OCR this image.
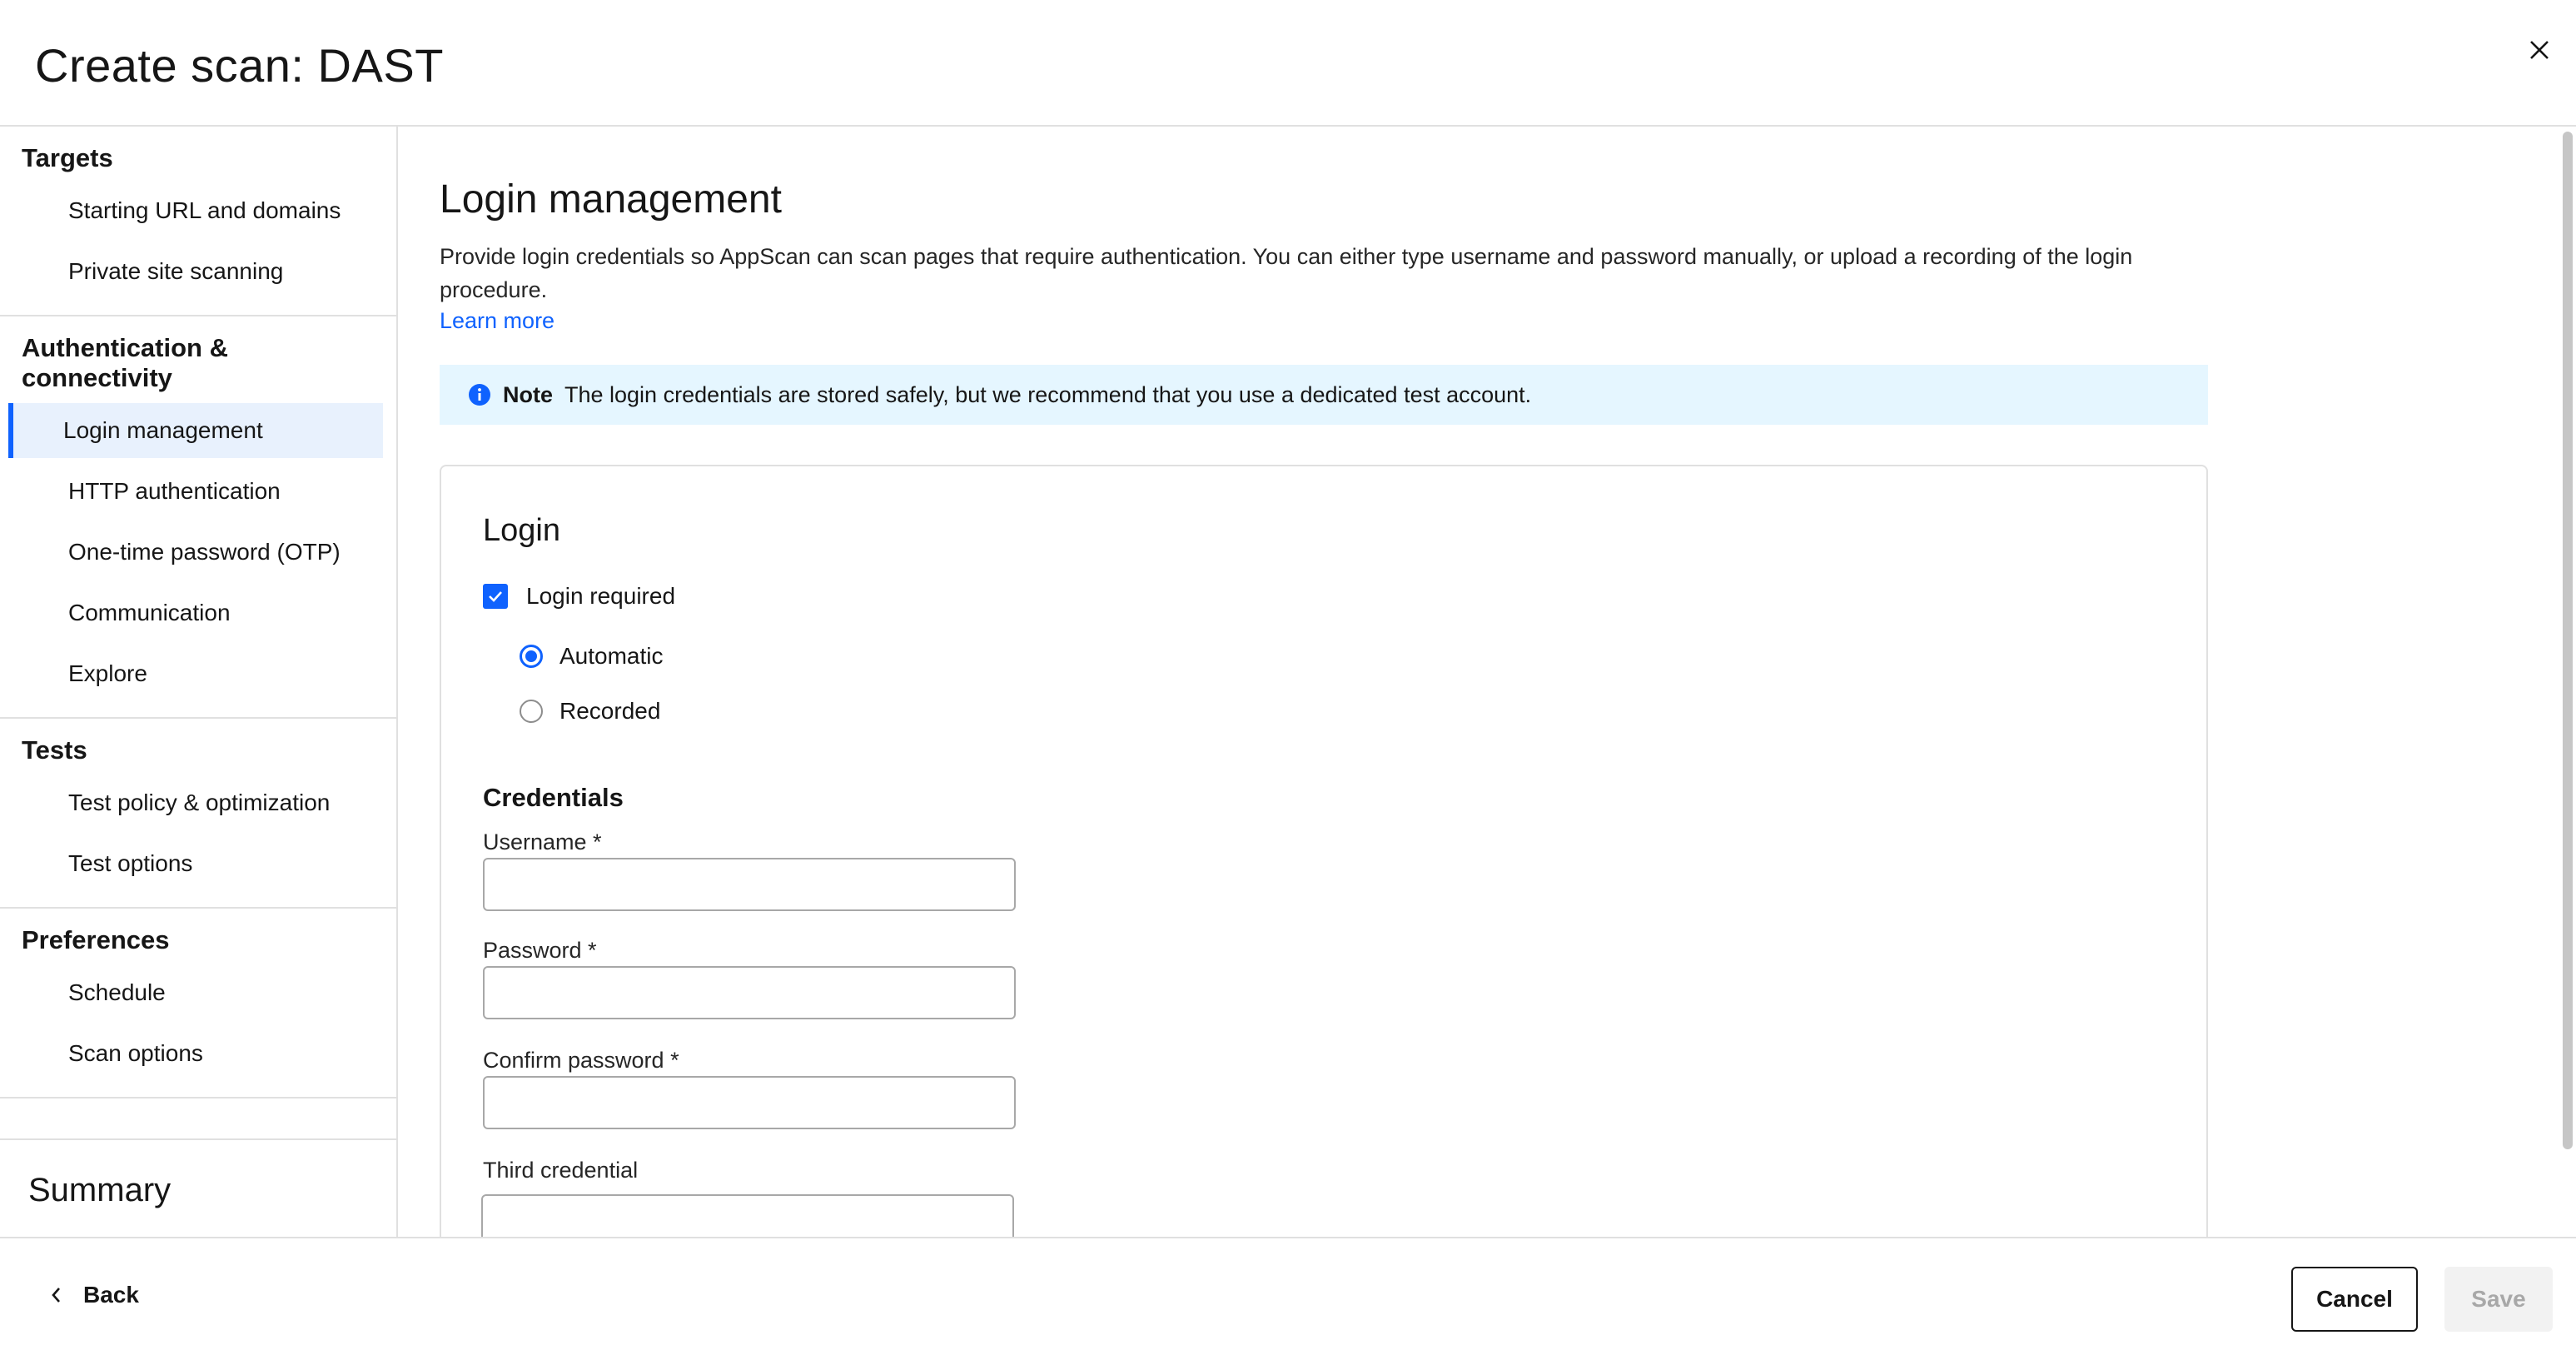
Create scan: DAST
Targets
Starting URL and domains
Private site scanning
Authentication & connectivity
Login management
HTTP authentication
One-time password (OTP)
Communication
Explore
Tests
Test policy & optimization
Test options
Preferences
Schedule
Scan options
Summary
Login management

Provide login credentials so AppScan can scan pages that require authentication. You can either type username and password manually, or upload a recording of the login procedure.

Learn more
Note The login credentials are stored safely, but we recommend that you use a dedicated test account.
Login
Login required
Automatic
Recorded
Credentials
Username *
Password *
Confirm password *
Third credential
Back	Cancel	Save
